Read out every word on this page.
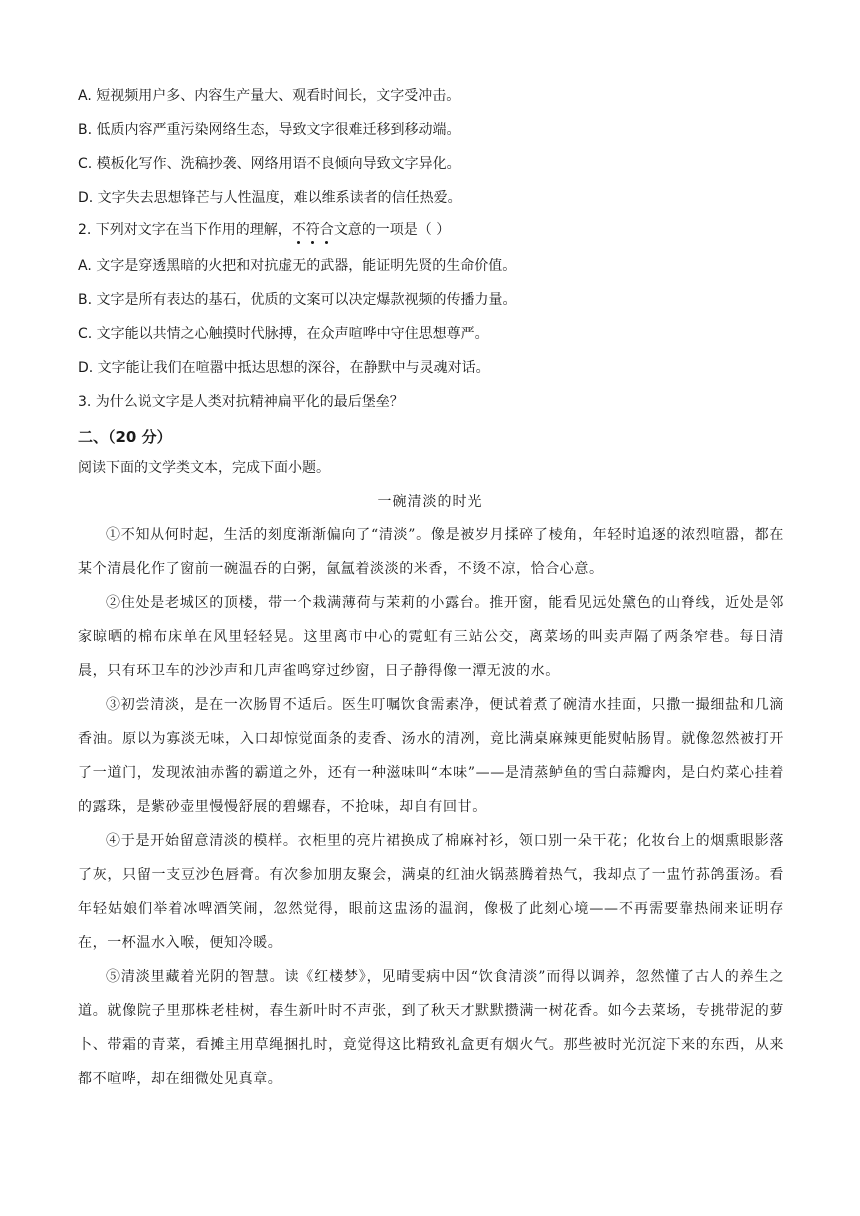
A. 短视频用户多、内容生产量大、观看时间长，文字受冲击。
B. 低质内容严重污染网络生态，导致文字很难迁移到移动端。
C. 模板化写作、洗稿抄袭、网络用语不良倾向导致文字异化。
D. 文字失去思想锋芒与人性温度，难以维系读者的信任热爱。
2. 下列对文字在当下作用的理解，不符合
文意的一项是（ ）
A. 文字是穿透黑暗的火把和对抗虚无的武器，能证明先贤的生命价值。
B. 文字是所有表达的基石，优质的文案可以决定爆款视频的传播力量。
C. 文字能以共情之心触摸时代脉搏，在众声喧哗中守住思想尊严。
D. 文字能让我们在喧嚣中抵达思想的深谷，在静默中与灵魂对话。
3. 为什么说文字是人类对抗精神扁平化的最后堡垒？
二、（20 分）
阅读下面的文学类文本，完成下面小题。
一碗清淡的时光
①不知从何时起，生活的刻度渐渐偏向了“清淡”。像是被岁月揉碎了棱角，年轻时追逐的浓烈喧嚣，都在某个清晨化作了窗前一碗温吞的白粥，氤氲着淡淡的米香，不烫不凉，恰合心意。
②住处是老城区的顶楼，带一个栽满薄荷与茉莉的小露台。推开窗，能看见远处黛色的山脊线，近处是邻家晾晒的棉布床单在风里轻轻晃。这里离市中心的霓虹有三站公交，离菜场的叫卖声隔了两条窄巷。每日清晨，只有环卫车的沙沙声和几声雀鸣穿过纱窗，日子静得像一潭无波的水。
③初尝清淡，是在一次肠胃不适后。医生叮嘱饮食需素净，便试着煮了碗清水挂面，只撒一撮细盐和几滴香油。原以为寡淡无味，入口却惊觉面条的麦香、汤水的清冽，竟比满桌麻辣更能熨帖肠胃。就像忽然被打开了一道门，发现浓油赤酱的霸道之外，还有一种滋味叫“本味”——是清蒸鲈鱼的雪白蒜瓣肉，是白灼菜心挂着的露珠，是紫砂壶里慢慢舒展的碧螺春，不抢味，却自有回甘。
④于是开始留意清淡的模样。衣柜里的亮片裙换成了棉麻衬衫，领口别一朵干花；化妆台上的烟熏眼影落了灰，只留一支豆沙色唇膏。有次参加朋友聚会，满桌的红油火锅蒸腾着热气，我却点了一盅竹荪鸽蛋汤。看年轻姑娘们举着冰啤酒笑闹，忽然觉得，眼前这盅汤的温润，像极了此刻心境——不再需要靠热闹来证明存在，一杯温水入喉，便知冷暖。
⑤清淡里藏着光阴的智慧。读《红楼梦》，见晴雯病中因“饮食清淡”而得以调养，忽然懂了古人的养生之道。就像院子里那株老桂树，春生新叶时不声张，到了秋天才默默攒满一树花香。如今去菜场，专挑带泥的萝卜、带霜的青菜，看摊主用草绳捆扎时，竟觉得这比精致礼盒更有烟火气。那些被时光沉淀下来的东西，从来都不喧哗，却在细微处见真章。
